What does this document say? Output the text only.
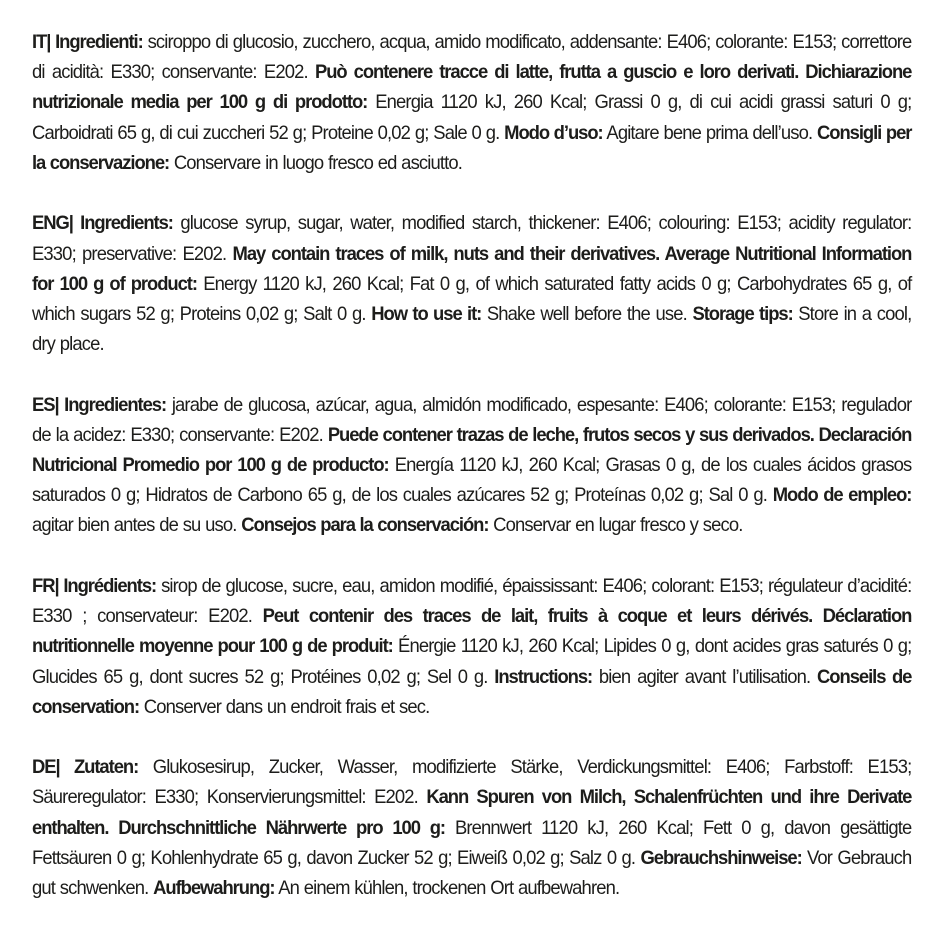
IT| Ingredienti: sciroppo di glucosio, zucchero, acqua, amido modificato, addensante: E406; colorante: E153; correttore di acidità: E330; conservante: E202. Può contenere tracce di latte, frutta a guscio e loro derivati. Dichiarazione nutrizionale media per 100 g di prodotto: Energia 1120 kJ, 260 Kcal; Grassi 0 g, di cui acidi grassi saturi 0 g; Carboidrati 65 g, di cui zuccheri 52 g; Proteine 0,02 g; Sale 0 g. Modo d’uso: Agitare bene prima dell’uso. Consigli per la conservazione: Conservare in luogo fresco ed asciutto.

ENG| Ingredients: glucose syrup, sugar, water, modified starch, thickener: E406; colouring: E153; acidity regulator: E330; preservative: E202. May contain traces of milk, nuts and their derivatives. Average Nutritional Information for 100 g of product: Energy 1120 kJ, 260 Kcal; Fat 0 g, of which saturated fatty acids 0 g; Carbohydrates 65 g, of which sugars 52 g; Proteins 0,02 g; Salt 0 g. How to use it: Shake well before the use. Storage tips: Store in a cool, dry place.

ES| Ingredientes: jarabe de glucosa, azúcar, agua, almidón modificado, espesante: E406; colorante: E153; regulador de la acidez: E330; conservante: E202. Puede contener trazas de leche, frutos secos y sus derivados. Declaración Nutricional Promedio por 100 g de producto: Energía 1120 kJ, 260 Kcal; Grasas 0 g, de los cuales ácidos grasos saturados 0 g; Hidratos de Carbono 65 g, de los cuales azúcares 52 g; Proteínas 0,02 g; Sal 0 g. Modo de empleo: agitar bien antes de su uso. Consejos para la conservación: Conservar en lugar fresco y seco.

FR| Ingrédients: sirop de glucose, sucre, eau, amidon modifié, épaississant: E406; colorant: E153; régulateur d’acidité: E330 ; conservateur: E202. Peut contenir des traces de lait, fruits à coque et leurs dérivés. Déclaration nutritionnelle moyenne pour 100 g de produit: Énergie 1120 kJ, 260 Kcal; Lipides 0 g, dont acides gras saturés 0 g; Glucides 65 g, dont sucres 52 g; Protéines 0,02 g; Sel 0 g. Instructions: bien agiter avant l’utilisation. Conseils de conservation: Conserver dans un endroit frais et sec.

DE| Zutaten: Glukosesirup, Zucker, Wasser, modifizierte Stärke, Verdickungsmittel: E406; Farbstoff: E153; Säureregulator: E330; Konservierungsmittel: E202. Kann Spuren von Milch, Schalenfrüchten und ihre Derivate enthalten. Durchschnittliche Nährwerte pro 100 g: Brennwert 1120 kJ, 260 Kcal; Fett 0 g, davon gesättigte Fettsäuren 0 g; Kohlenhydrate 65 g, davon Zucker 52 g; Eiweiß 0,02 g; Salz 0 g. Gebrauchshinweise: Vor Gebrauch gut schwenken. Aufbewahrung: An einem kühlen, trockenen Ort aufbewahren.
